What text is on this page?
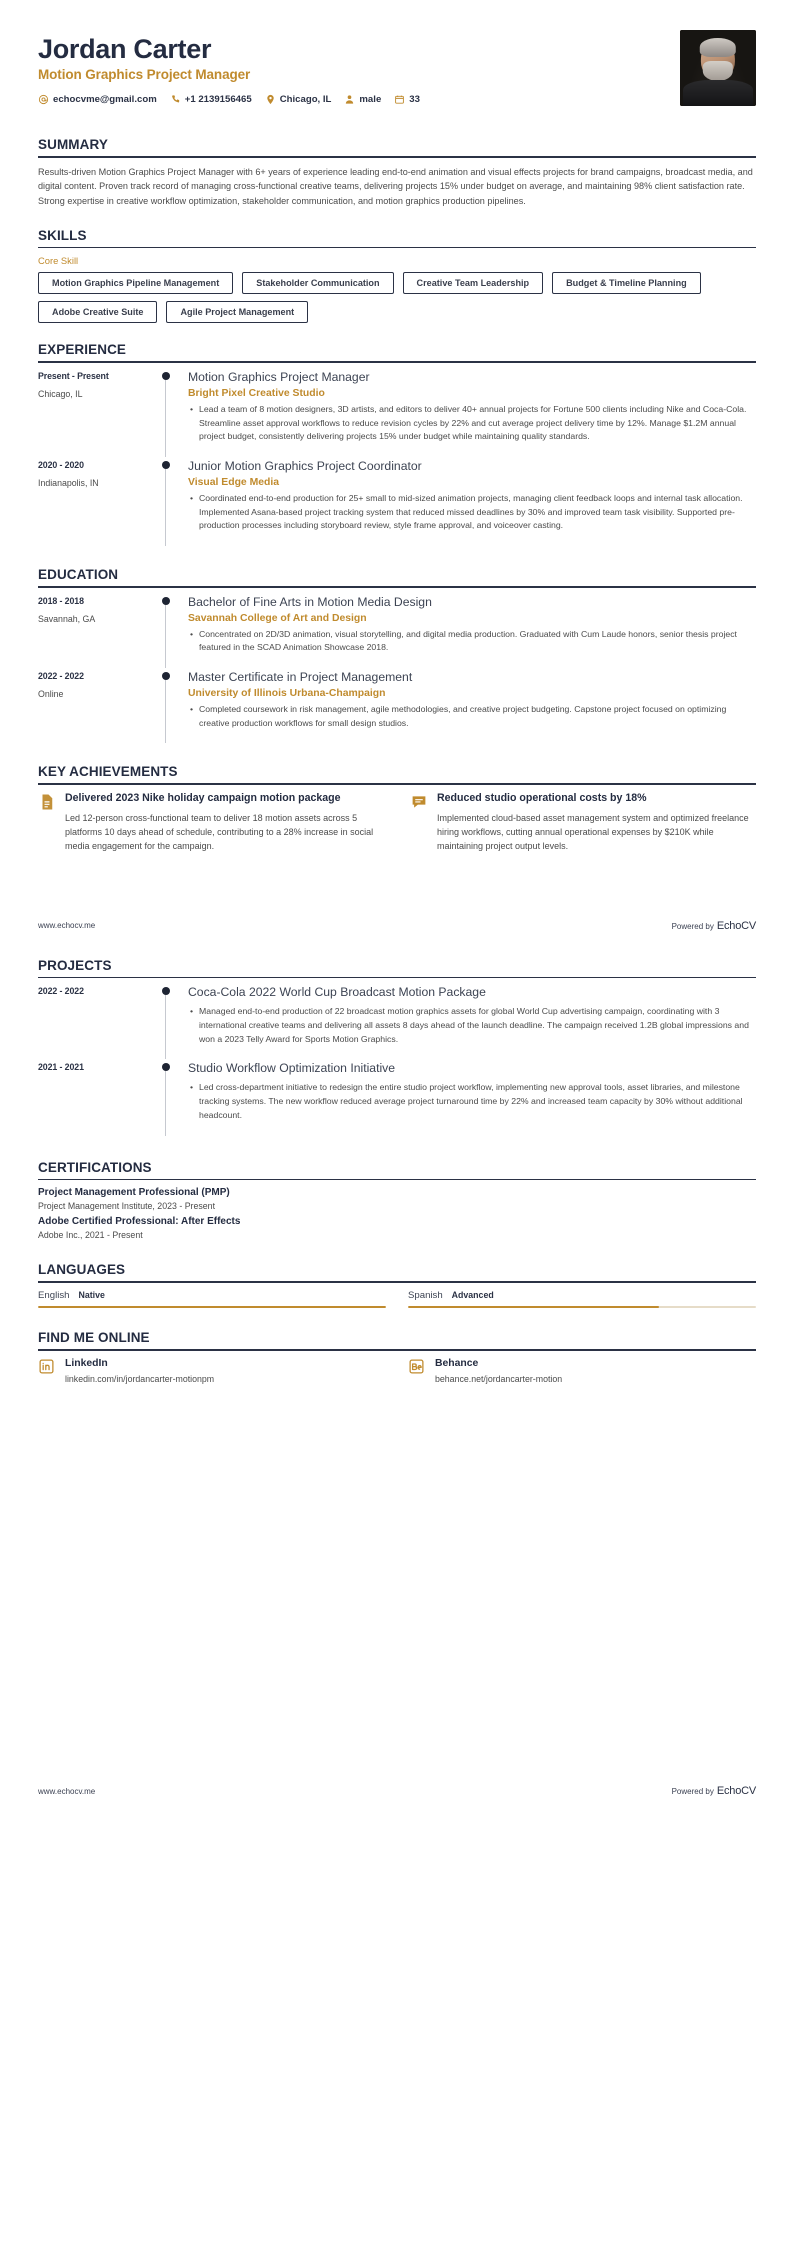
Jordan Carter
Motion Graphics Project Manager
echocvme@gmail.com	+1 2139156465	Chicago, IL	male	33
SUMMARY
Results-driven Motion Graphics Project Manager with 6+ years of experience leading end-to-end animation and visual effects projects for brand campaigns, broadcast media, and digital content. Proven track record of managing cross-functional creative teams, delivering projects 15% under budget on average, and maintaining 98% client satisfaction rate. Strong expertise in creative workflow optimization, stakeholder communication, and motion graphics production pipelines.
SKILLS
Core Skill
Motion Graphics Pipeline Management	Stakeholder Communication	Creative Team Leadership	Budget & Timeline Planning
Adobe Creative Suite	Agile Project Management
EXPERIENCE
Present - Present
Chicago, IL
Motion Graphics Project Manager
Bright Pixel Creative Studio
• Lead a team of 8 motion designers, 3D artists, and editors to deliver 40+ annual projects for Fortune 500 clients including Nike and Coca-Cola. Streamline asset approval workflows to reduce revision cycles by 22% and cut average project delivery time by 12%. Manage $1.2M annual project budget, consistently delivering projects 15% under budget while maintaining quality standards.
2020 - 2020
Indianapolis, IN
Junior Motion Graphics Project Coordinator
Visual Edge Media
• Coordinated end-to-end production for 25+ small to mid-sized animation projects, managing client feedback loops and internal task allocation. Implemented Asana-based project tracking system that reduced missed deadlines by 30% and improved team task visibility. Supported pre-production processes including storyboard review, style frame approval, and voiceover casting.
EDUCATION
2018 - 2018
Savannah, GA
Bachelor of Fine Arts in Motion Media Design
Savannah College of Art and Design
• Concentrated on 2D/3D animation, visual storytelling, and digital media production. Graduated with Cum Laude honors, senior thesis project featured in the SCAD Animation Showcase 2018.
2022 - 2022
Online
Master Certificate in Project Management
University of Illinois Urbana-Champaign
• Completed coursework in risk management, agile methodologies, and creative project budgeting. Capstone project focused on optimizing creative production workflows for small design studios.
KEY ACHIEVEMENTS
Delivered 2023 Nike holiday campaign motion package
Led 12-person cross-functional team to deliver 18 motion assets across 5 platforms 10 days ahead of schedule, contributing to a 28% increase in social media engagement for the campaign.
Reduced studio operational costs by 18%
Implemented cloud-based asset management system and optimized freelance hiring workflows, cutting annual operational expenses by $210K while maintaining project output levels.
www.echocv.me	Powered by EchoCV
PROJECTS
2022 - 2022	Coca-Cola 2022 World Cup Broadcast Motion Package
• Managed end-to-end production of 22 broadcast motion graphics assets for global World Cup advertising campaign, coordinating with 3 international creative teams and delivering all assets 8 days ahead of the launch deadline. The campaign received 1.2B global impressions and won a 2023 Telly Award for Sports Motion Graphics.
2021 - 2021	Studio Workflow Optimization Initiative
• Led cross-department initiative to redesign the entire studio project workflow, implementing new approval tools, asset libraries, and milestone tracking systems. The new workflow reduced average project turnaround time by 22% and increased team capacity by 30% without additional headcount.
CERTIFICATIONS
Project Management Professional (PMP)
Project Management Institute, 2023 - Present
Adobe Certified Professional: After Effects
Adobe Inc., 2021 - Present
LANGUAGES
English Native	Spanish Advanced
FIND ME ONLINE
LinkedIn
linkedin.com/in/jordancarter-motionpm
Behance
behance.net/jordancarter-motion
www.echocv.me	Powered by EchoCV
